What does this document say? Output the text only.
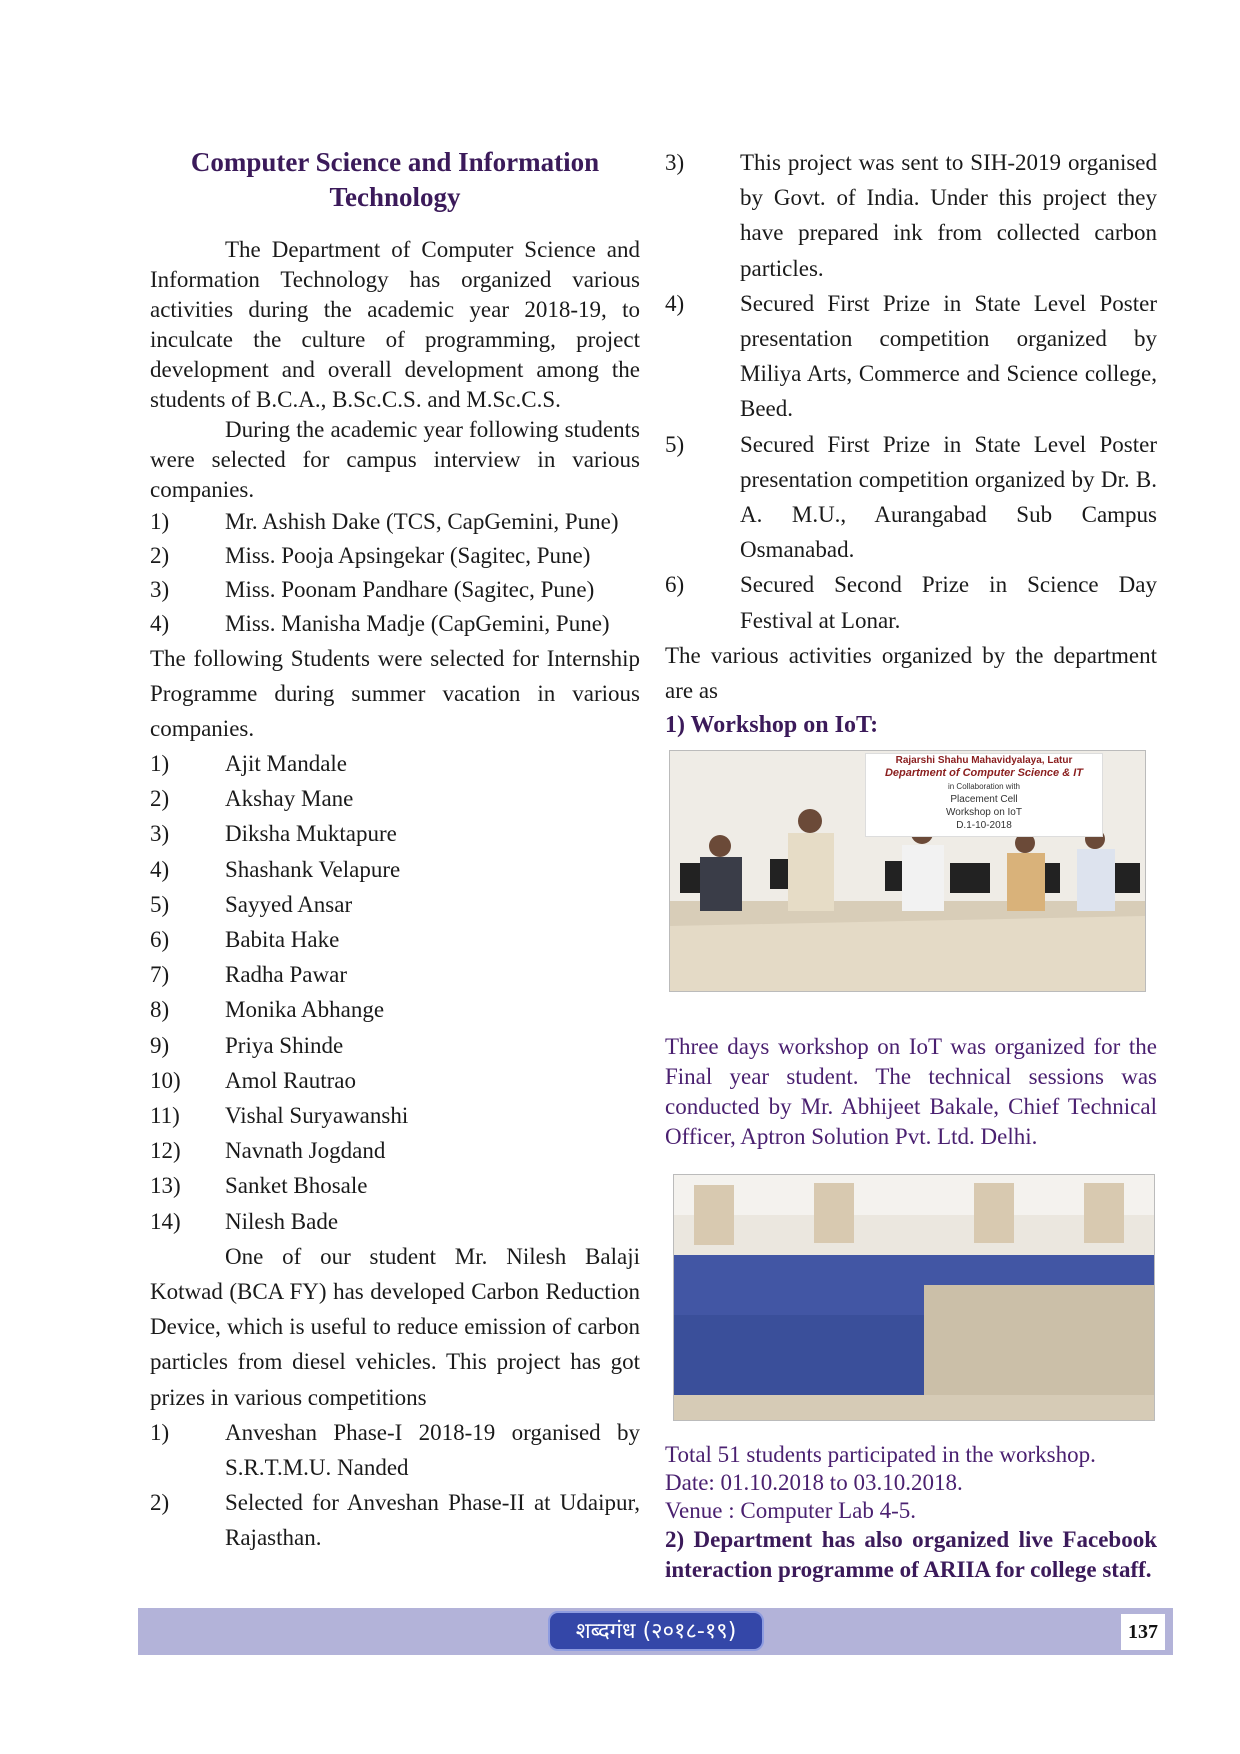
Computer Science and Information Technology

The Department of Computer Science and Information Technology has organized various activities during the academic year 2018-19, to inculcate the culture of programming, project development and overall development among the students of B.C.A., B.Sc.C.S. and M.Sc.C.S.

During the academic year following students were selected for campus interview in various companies.

1)	Mr. Ashish Dake (TCS, CapGemini, Pune)
2)	Miss. Pooja Apsingekar (Sagitec, Pune)
3)	Miss. Poonam Pandhare (Sagitec, Pune)
4)	Miss. Manisha Madje (CapGemini, Pune)

The following Students were selected for Internship Programme during summer vacation in various companies.

1)	Ajit Mandale
2)	Akshay Mane
3)	Diksha Muktapure
4)	Shashank Velapure
5)	Sayyed Ansar
6)	Babita Hake
7)	Radha Pawar
8)	Monika Abhange
9)	Priya Shinde
10)	Amol Rautrao
11)	Vishal Suryawanshi
12)	Navnath Jogdand
13)	Sanket Bhosale
14)	Nilesh Bade

One of our student Mr. Nilesh Balaji Kotwad (BCA FY) has developed Carbon Reduction Device, which is useful to reduce emission of carbon particles from diesel vehicles. This project has got prizes in various competitions

1)	Anveshan Phase-I 2018-19 organised by S.R.T.M.U. Nanded
2)	Selected for Anveshan Phase-II at Udaipur, Rajasthan.
3)	This project was sent to SIH-2019 organised by Govt. of India. Under this project they have prepared ink from collected carbon particles.
4)	Secured First Prize in State Level Poster presentation competition organized by Miliya Arts, Commerce and Science college, Beed.
5)	Secured First Prize in State Level Poster presentation competition organized by Dr. B. A. M.U., Aurangabad Sub Campus Osmanabad.
6)	Secured Second Prize in Science Day Festival at Lonar.

The various activities organized by the department are as

1) Workshop on IoT:
Rajarshi Shahu Mahavidyalaya, Latur
Department of Computer Science & IT
in Collaboration with
Placement Cell
Workshop on IoT
D.1-10-2018

Three days workshop on IoT was organized for the Final year student. The technical sessions was conducted by Mr. Abhijeet Bakale, Chief Technical Officer, Aptron Solution Pvt. Ltd. Delhi.

Total 51 students participated in the workshop.

Date: 01.10.2018 to 03.10.2018.

Venue : Computer Lab 4-5.

2) Department has also organized live Facebook interaction programme of ARIIA for college staff.

शब्दगंध (२०१८-१९)	137
